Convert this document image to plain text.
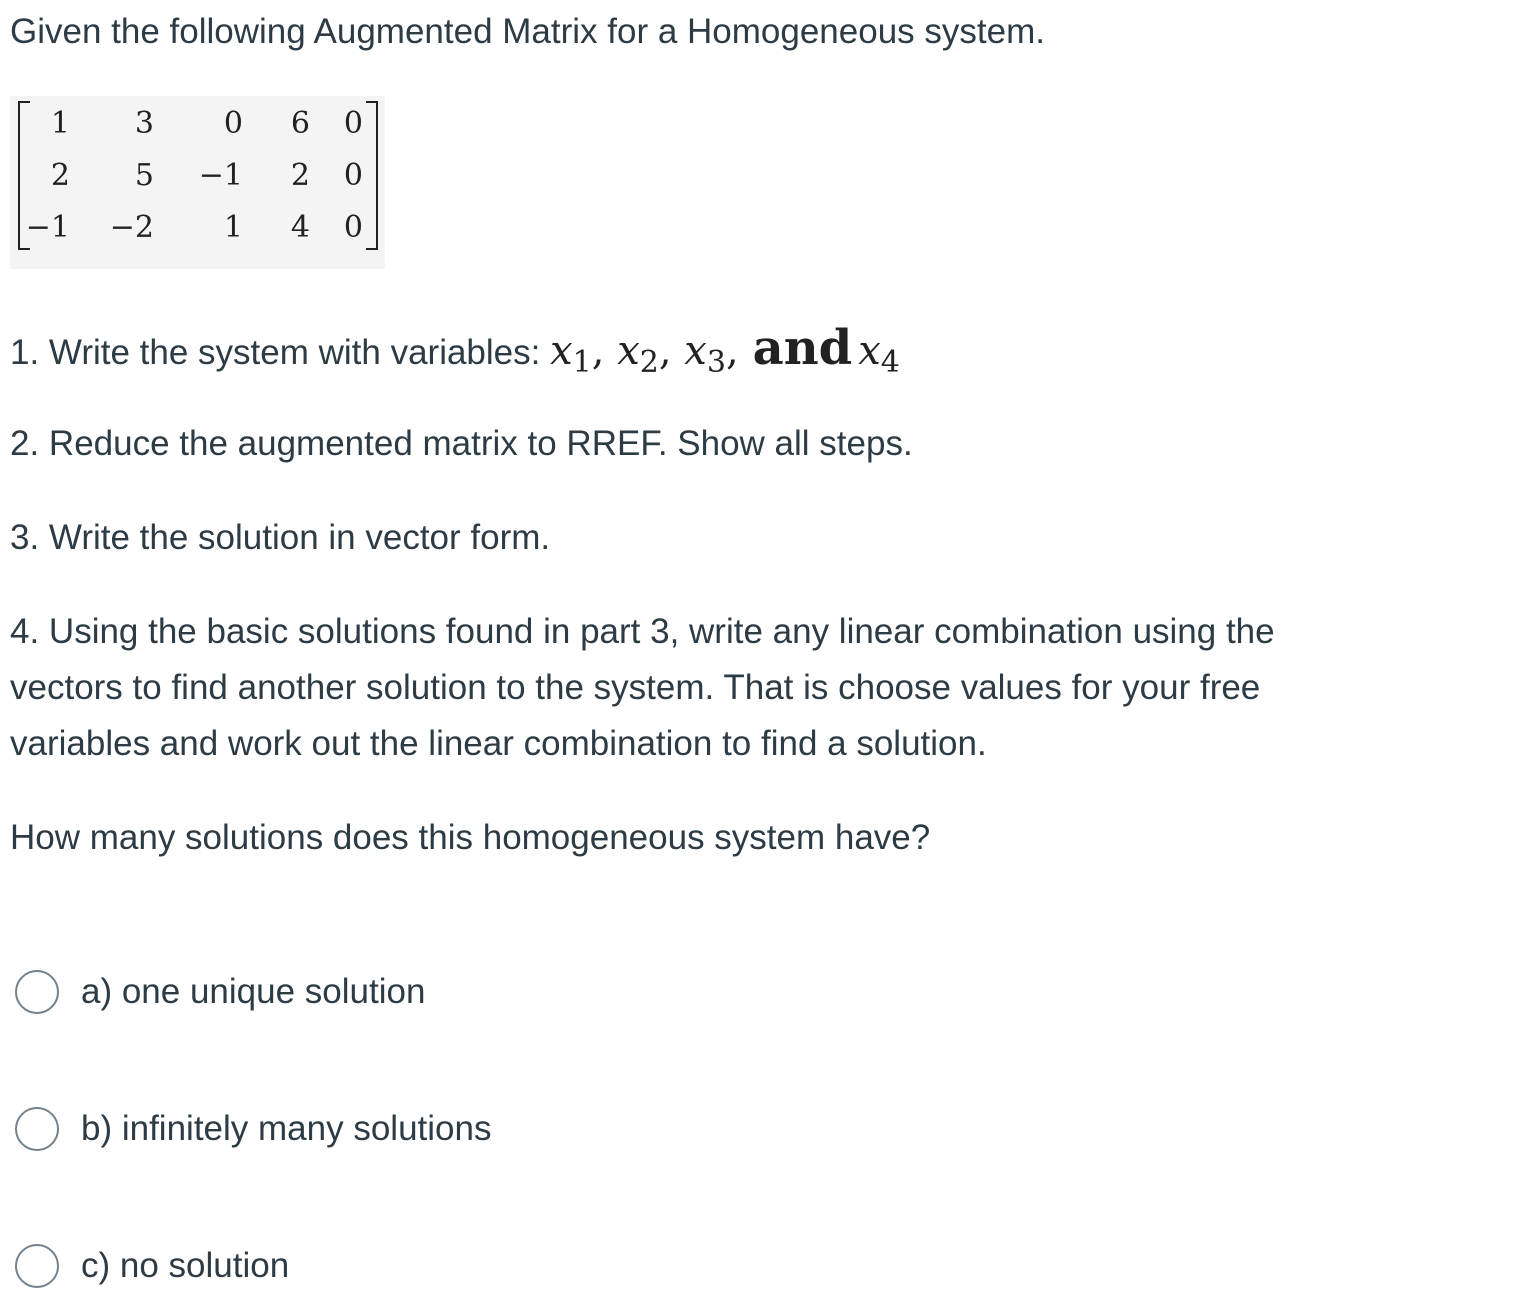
Given the following Augmented Matrix for a Homogeneous system.
1	3	0	6	0
2	5	−1	2	0
−1	−2	1	4	0
1. Write the system with variables: $x_1$, $x_2$, $x_3$, and $x_4$
2. Reduce the augmented matrix to RREF. Show all steps.
3. Write the solution in vector form.
4. Using the basic solutions found in part 3, write any linear combination using the
vectors to find another solution to the system. That is choose values for your free
variables and work out the linear combination to find a solution.
How many solutions does this homogeneous system have?
a) one unique solution
b) infinitely many solutions
c) no solution
